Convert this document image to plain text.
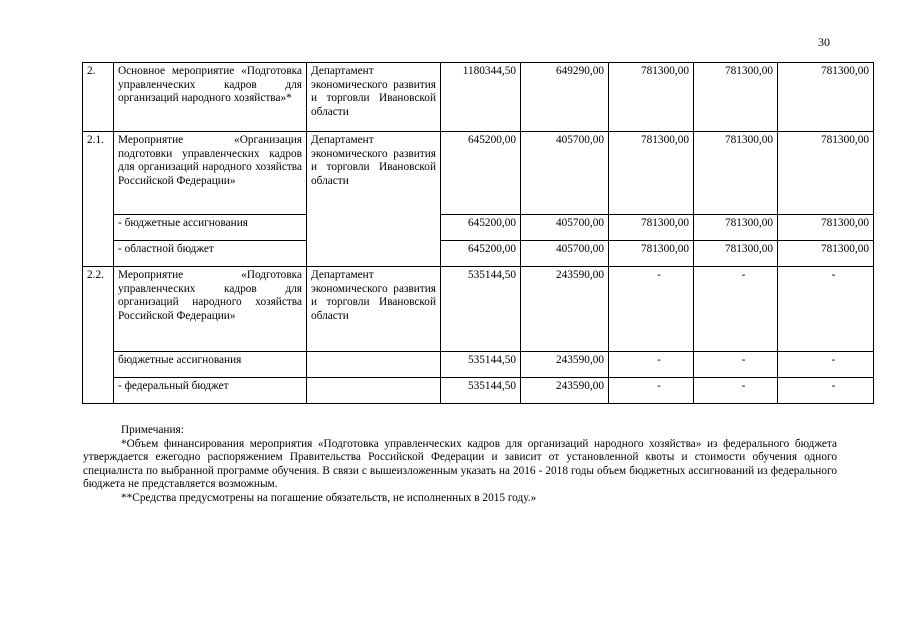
30
2.	Основное мероприятие «Подготовка управленческих кадров для организаций народного хозяйства»*	Департамент экономического развития и торговли Ивановской области	1180344,50	649290,00	781300,00	781300,00	781300,00
2.1.	Мероприятие «Организация подготовки управленческих кадров для организаций народного хозяйства Российской Федерации»	Департамент экономического развития и торговли Ивановской области	645200,00	405700,00	781300,00	781300,00	781300,00
	- бюджетные ассигнования		645200,00	405700,00	781300,00	781300,00	781300,00
	- областной бюджет		645200,00	405700,00	781300,00	781300,00	781300,00
2.2.	Мероприятие «Подготовка управленческих кадров для организаций народного хозяйства Российской Федерации»	Департамент экономического развития и торговли Ивановской области	535144,50	243590,00	-	-	-
	бюджетные ассигнования		535144,50	243590,00	-	-	-
	- федеральный бюджет		535144,50	243590,00	-	-	-

Примечания:

*Объем финансирования мероприятия «Подготовка управленческих кадров для организаций народного хозяйства» из федерального бюджета утверждается ежегодно распоряжением Правительства Российской Федерации и зависит от установленной квоты и стоимости обучения одного специалиста по выбранной программе обучения. В связи с вышеизложенным указать на 2016 - 2018 годы объем бюджетных ассигнований из федерального бюджета не представляется возможным.

**Средства предусмотрены на погашение обязательств, не исполненных в 2015 году.»
